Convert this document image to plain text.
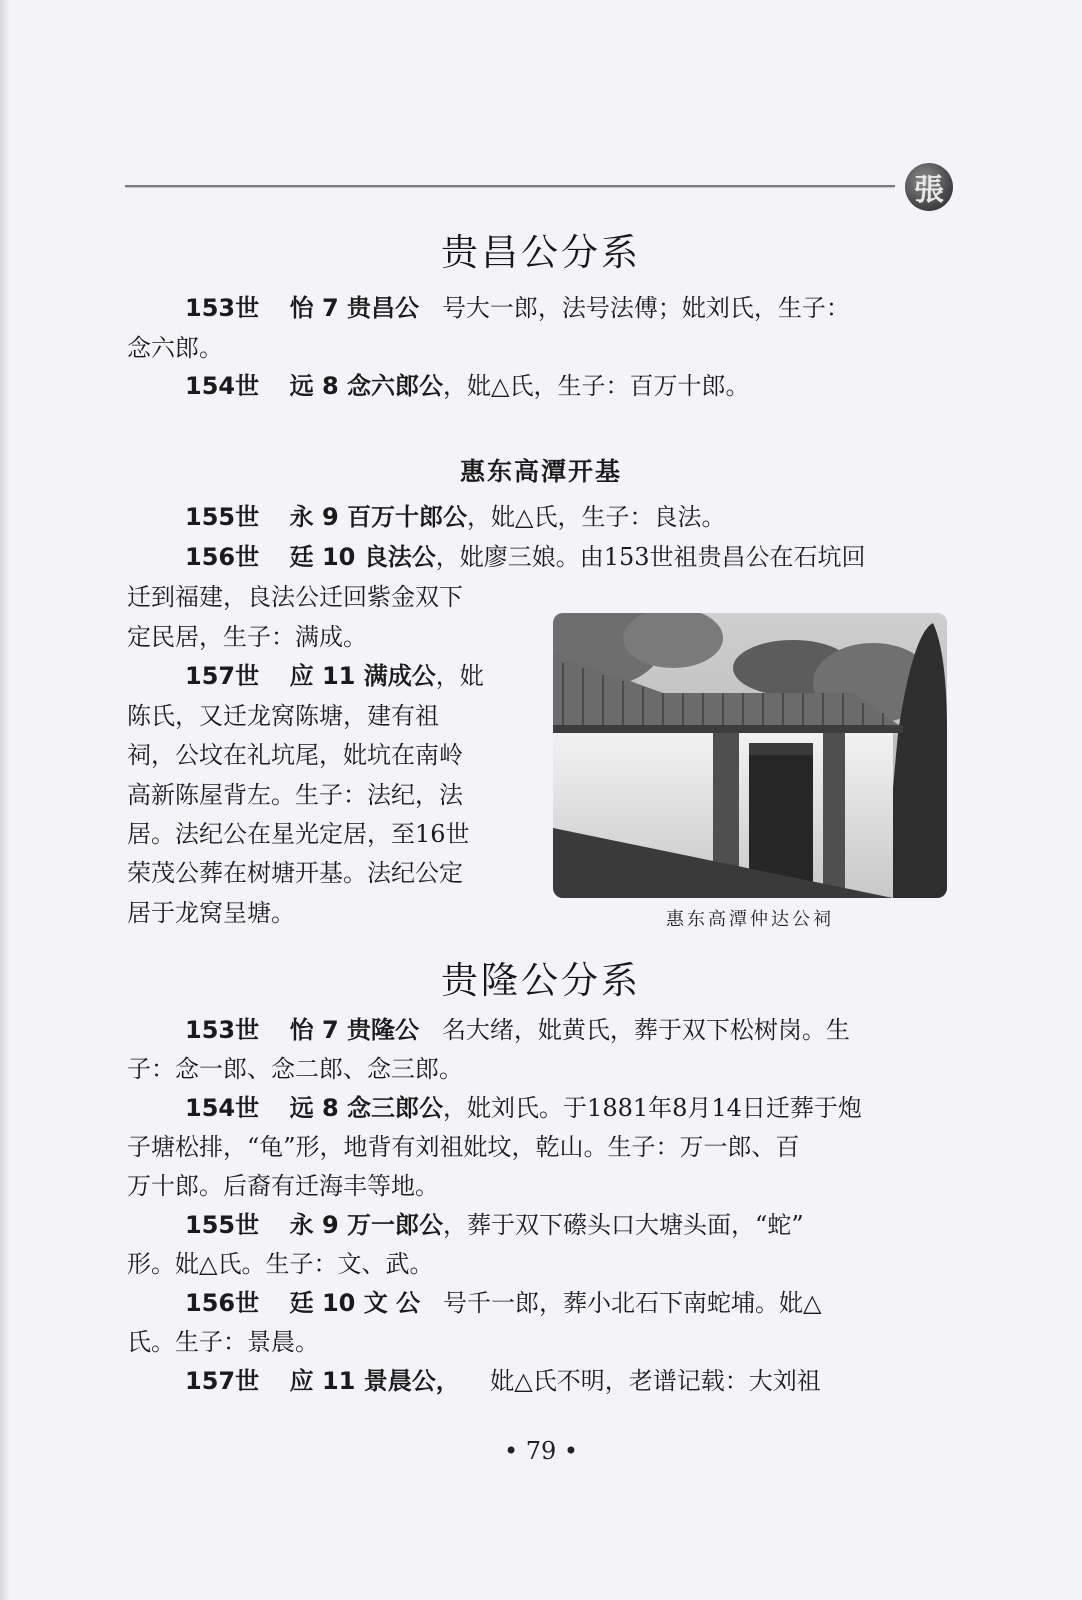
張
贵昌公分系
153世 怡 7 贵昌公 号大一郎，法号法傅；妣刘氏，生子：
念六郎。
154世 远 8 念六郎公，妣△氏，生子：百万十郎。
惠东高潭开基
155世 永 9 百万十郎公，妣△氏，生子：良法。
156世 廷 10 良法公，妣廖三娘。由153世祖贵昌公在石坑回
迁到福建，良法公迁回紫金双下
定民居，生子：满成。
157世 应 11 满成公，妣
陈氏，又迁龙窝陈塘，建有祖
祠，公坟在礼坑尾，妣坑在南岭
高新陈屋背左。生子：法纪，法
居。法纪公在星光定居，至16世
荣茂公葬在树塘开基。法纪公定
居于龙窝呈塘。	惠东高潭仲达公祠
贵隆公分系
153世 怡 7 贵隆公 名大绪，妣黄氏，葬于双下松树岗。生
子：念一郎、念二郎、念三郎。
154世 远 8 念三郎公，妣刘氏。于1881年8月14日迁葬于炮
子塘松排，“龟”形，地背有刘祖妣坟，乾山。生子：万一郎、百
万十郎。后裔有迁海丰等地。
155世 永 9 万一郎公，葬于双下礤头口大塘头面，“蛇”
形。妣△氏。生子：文、武。
156世 廷 10 文 公 号千一郎，葬小北石下南蛇埔。妣△
氏。生子：景晨。
157世 应 11 景晨公， 妣△氏不明，老谱记载：大刘祖
• 79 •
